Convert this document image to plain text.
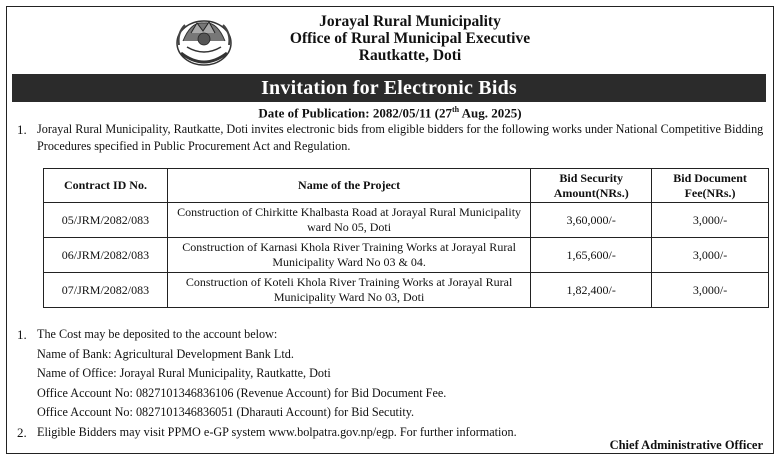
Jorayal Rural Municipality
Office of Rural Municipal Executive
Rautkatte, Doti
Invitation for Electronic Bids
Date of Publication: 2082/05/11 (27th Aug. 2025)
1. Jorayal Rural Municipality, Rautkatte, Doti invites electronic bids from eligible bidders for the following works under National Competitive Bidding Procedures specified in Public Procurement Act and Regulation.
Contract ID No.	Name of the Project	Bid Security Amount(NRs.)	Bid Document Fee(NRs.)
05/JRM/2082/083	Construction of Chirkitte Khalbasta Road at Jorayal Rural Municipality ward No 05, Doti	3,60,000/-	3,000/-
06/JRM/2082/083	Construction of Karnasi Khola River Training Works at Jorayal Rural Municipality Ward No 03 & 04.	1,65,600/-	3,000/-
07/JRM/2082/083	Construction of Koteli Khola River Training Works at Jorayal Rural Municipality Ward No 03, Doti	1,82,400/-	3,000/-
1. The Cost may be deposited to the account below:
Name of Bank: Agricultural Development Bank Ltd.
Name of Office: Jorayal Rural Municipality, Rautkatte, Doti
Office Account No: 0827101346836106 (Revenue Account) for Bid Document Fee.
Office Account No: 0827101346836051 (Dharauti Account) for Bid Secutity.
2. Eligible Bidders may visit PPMO e-GP system www.bolpatra.gov.np/egp. For further information.
Chief Administrative Officer
